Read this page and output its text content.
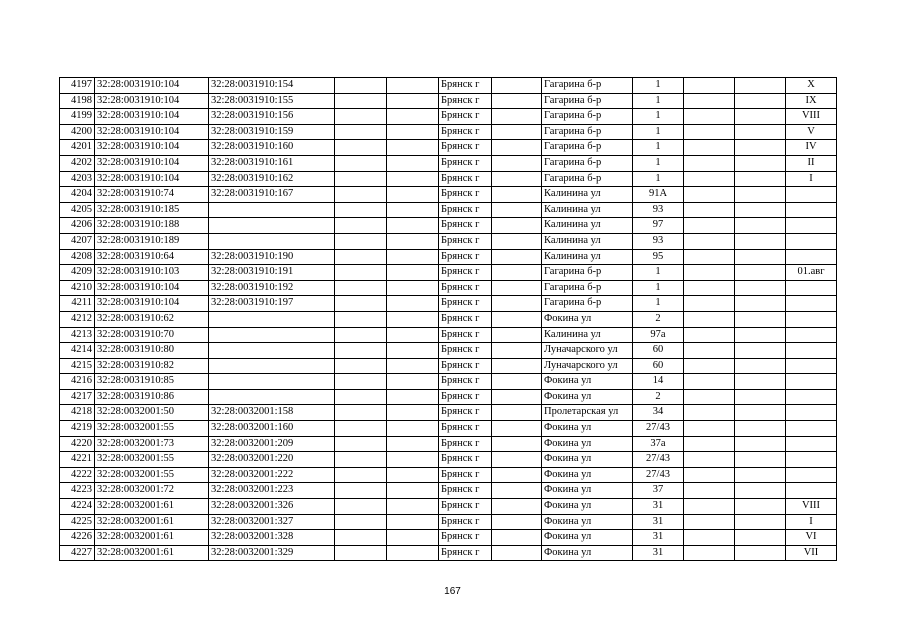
4197	32:28:0031910:104	32:28:0031910:154			Брянск г		Гагарина б-р	1			X
4198	32:28:0031910:104	32:28:0031910:155			Брянск г		Гагарина б-р	1			IX
4199	32:28:0031910:104	32:28:0031910:156			Брянск г		Гагарина б-р	1			VIII
4200	32:28:0031910:104	32:28:0031910:159			Брянск г		Гагарина б-р	1			V
4201	32:28:0031910:104	32:28:0031910:160			Брянск г		Гагарина б-р	1			IV
4202	32:28:0031910:104	32:28:0031910:161			Брянск г		Гагарина б-р	1			II
4203	32:28:0031910:104	32:28:0031910:162			Брянск г		Гагарина б-р	1			I
4204	32:28:0031910:74	32:28:0031910:167			Брянск г		Калинина ул	91А			
4205	32:28:0031910:185				Брянск г		Калинина ул	93			
4206	32:28:0031910:188				Брянск г		Калинина ул	97			
4207	32:28:0031910:189				Брянск г		Калинина ул	93			
4208	32:28:0031910:64	32:28:0031910:190			Брянск г		Калинина ул	95			
4209	32:28:0031910:103	32:28:0031910:191			Брянск г		Гагарина б-р	1			01.авг
4210	32:28:0031910:104	32:28:0031910:192			Брянск г		Гагарина б-р	1			
4211	32:28:0031910:104	32:28:0031910:197			Брянск г		Гагарина б-р	1			
4212	32:28:0031910:62				Брянск г		Фокина ул	2			
4213	32:28:0031910:70				Брянск г		Калинина ул	97а			
4214	32:28:0031910:80				Брянск г		Луначарского ул	60			
4215	32:28:0031910:82				Брянск г		Луначарского ул	60			
4216	32:28:0031910:85				Брянск г		Фокина ул	14			
4217	32:28:0031910:86				Брянск г		Фокина ул	2			
4218	32:28:0032001:50	32:28:0032001:158			Брянск г		Пролетарская ул	34			
4219	32:28:0032001:55	32:28:0032001:160			Брянск г		Фокина ул	27/43			
4220	32:28:0032001:73	32:28:0032001:209			Брянск г		Фокина ул	37а			
4221	32:28:0032001:55	32:28:0032001:220			Брянск г		Фокина ул	27/43			
4222	32:28:0032001:55	32:28:0032001:222			Брянск г		Фокина ул	27/43			
4223	32:28:0032001:72	32:28:0032001:223			Брянск г		Фокина ул	37			
4224	32:28:0032001:61	32:28:0032001:326			Брянск г		Фокина ул	31			VIII
4225	32:28:0032001:61	32:28:0032001:327			Брянск г		Фокина ул	31			I
4226	32:28:0032001:61	32:28:0032001:328			Брянск г		Фокина ул	31			VI
4227	32:28:0032001:61	32:28:0032001:329			Брянск г		Фокина ул	31			VII
167
